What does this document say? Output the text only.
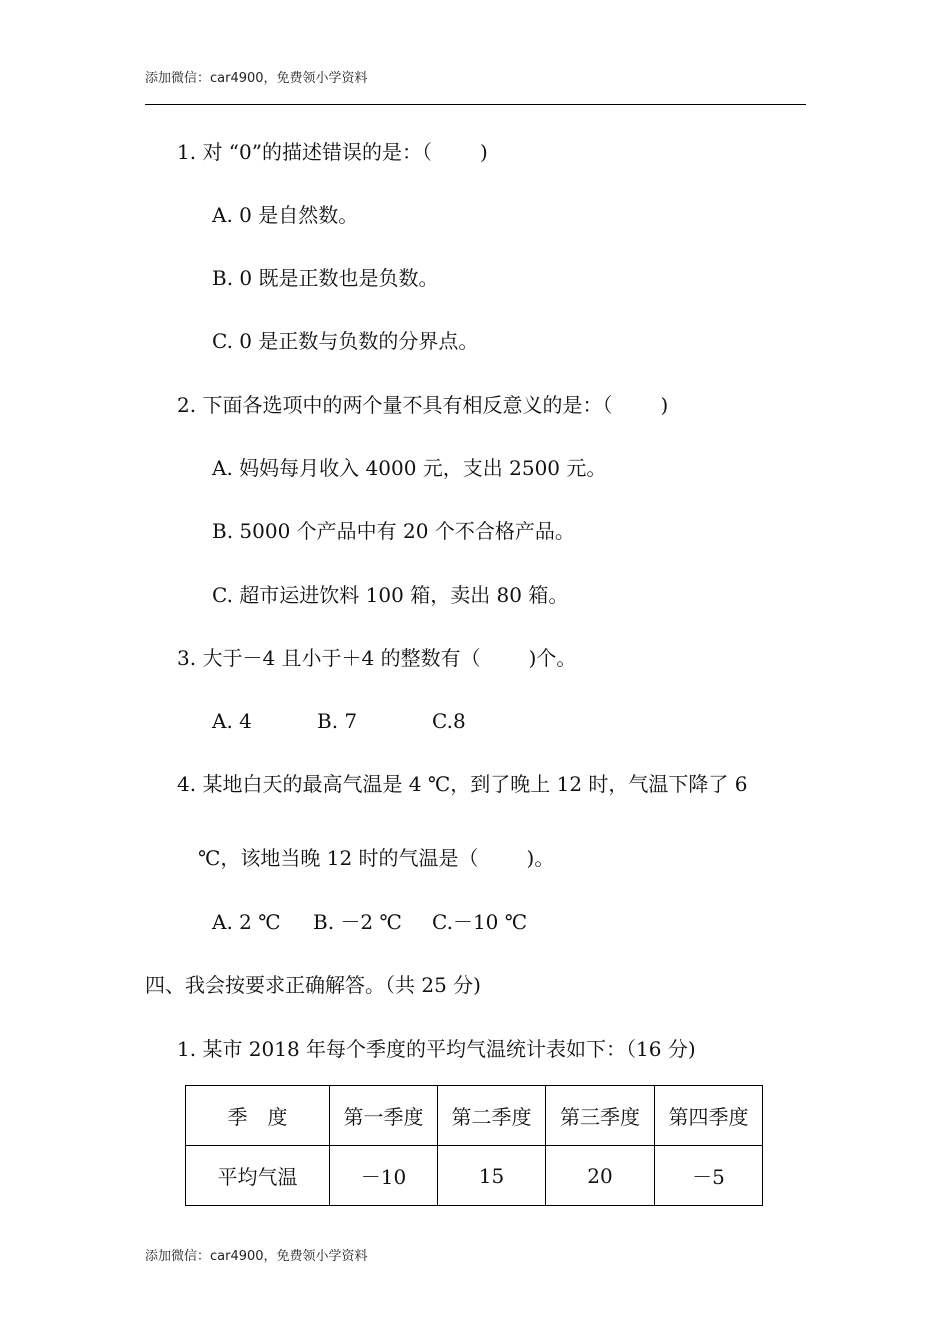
添加微信：car4900，免费领小学资料
1. 对 “0”的描述错误的是：（ )
A. 0 是自然数。
B. 0 既是正数也是负数。
C. 0 是正数与负数的分界点。
2. 下面各选项中的两个量不具有相反意义的是：（ )
A. 妈妈每月收入 4000 元，支出 2500 元。
B. 5000 个产品中有 20 个不合格产品。
C. 超市运进饮料 100 箱，卖出 80 箱。
3. 大于－4 且小于＋4 的整数有（ )个。
A. 4	B. 7	C.8
4. 某地白天的最高气温是 4 ℃，到了晚上 12 时，气温下降了 6
℃，该地当晚 12 时的气温是（ )。
A. 2 ℃ B. －2 ℃ C.－10 ℃
四、我会按要求正确解答。（共 25 分)
1. 某市 2018 年每个季度的平均气温统计表如下：（16 分)
季　度	第一季度	第二季度	第三季度	第四季度
平均气温	－10	15	20	－5
添加微信：car4900，免费领小学资料
